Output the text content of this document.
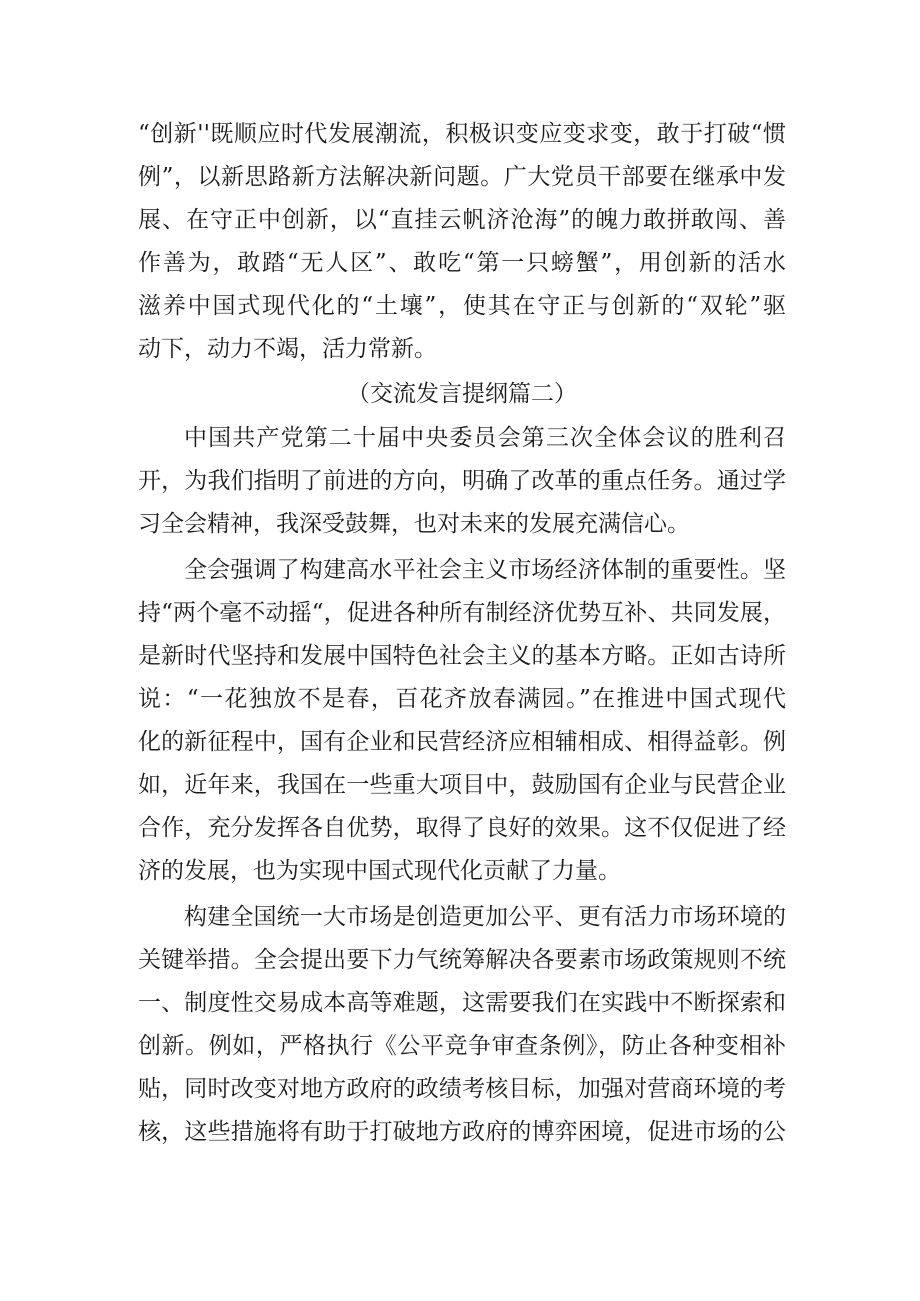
“创新''既顺应时代发展潮流，积极识变应变求变，敢于打破“惯
例”，以新思路新方法解决新问题。广大党员干部要在继承中发
展、在守正中创新，以“直挂云帆济沧海”的魄力敢拼敢闯、善
作善为，敢踏“无人区”、敢吃“第一只螃蟹”，用创新的活水
滋养中国式现代化的“土壤”，使其在守正与创新的“双轮”驱
动下，动力不竭，活力常新。
（交流发言提纲篇二）
中国共产党第二十届中央委员会第三次全体会议的胜利召
开，为我们指明了前进的方向，明确了改革的重点任务。通过学
习全会精神，我深受鼓舞，也对未来的发展充满信心。
全会强调了构建高水平社会主义市场经济体制的重要性。坚
持“两个毫不动摇“，促进各种所有制经济优势互补、共同发展，
是新时代坚持和发展中国特色社会主义的基本方略。正如古诗所
说：“一花独放不是春，百花齐放春满园。”在推进中国式现代
化的新征程中，国有企业和民营经济应相辅相成、相得益彰。例
如，近年来，我国在一些重大项目中，鼓励国有企业与民营企业
合作，充分发挥各自优势，取得了良好的效果。这不仅促进了经
济的发展，也为实现中国式现代化贡献了力量。
构建全国统一大市场是创造更加公平、更有活力市场环境的
关键举措。全会提出要下力气统筹解决各要素市场政策规则不统
一、制度性交易成本高等难题，这需要我们在实践中不断探索和
创新。例如，严格执行《公平竞争审查条例》，防止各种变相补
贴，同时改变对地方政府的政绩考核目标，加强对营商环境的考
核，这些措施将有助于打破地方政府的博弈困境，促进市场的公
